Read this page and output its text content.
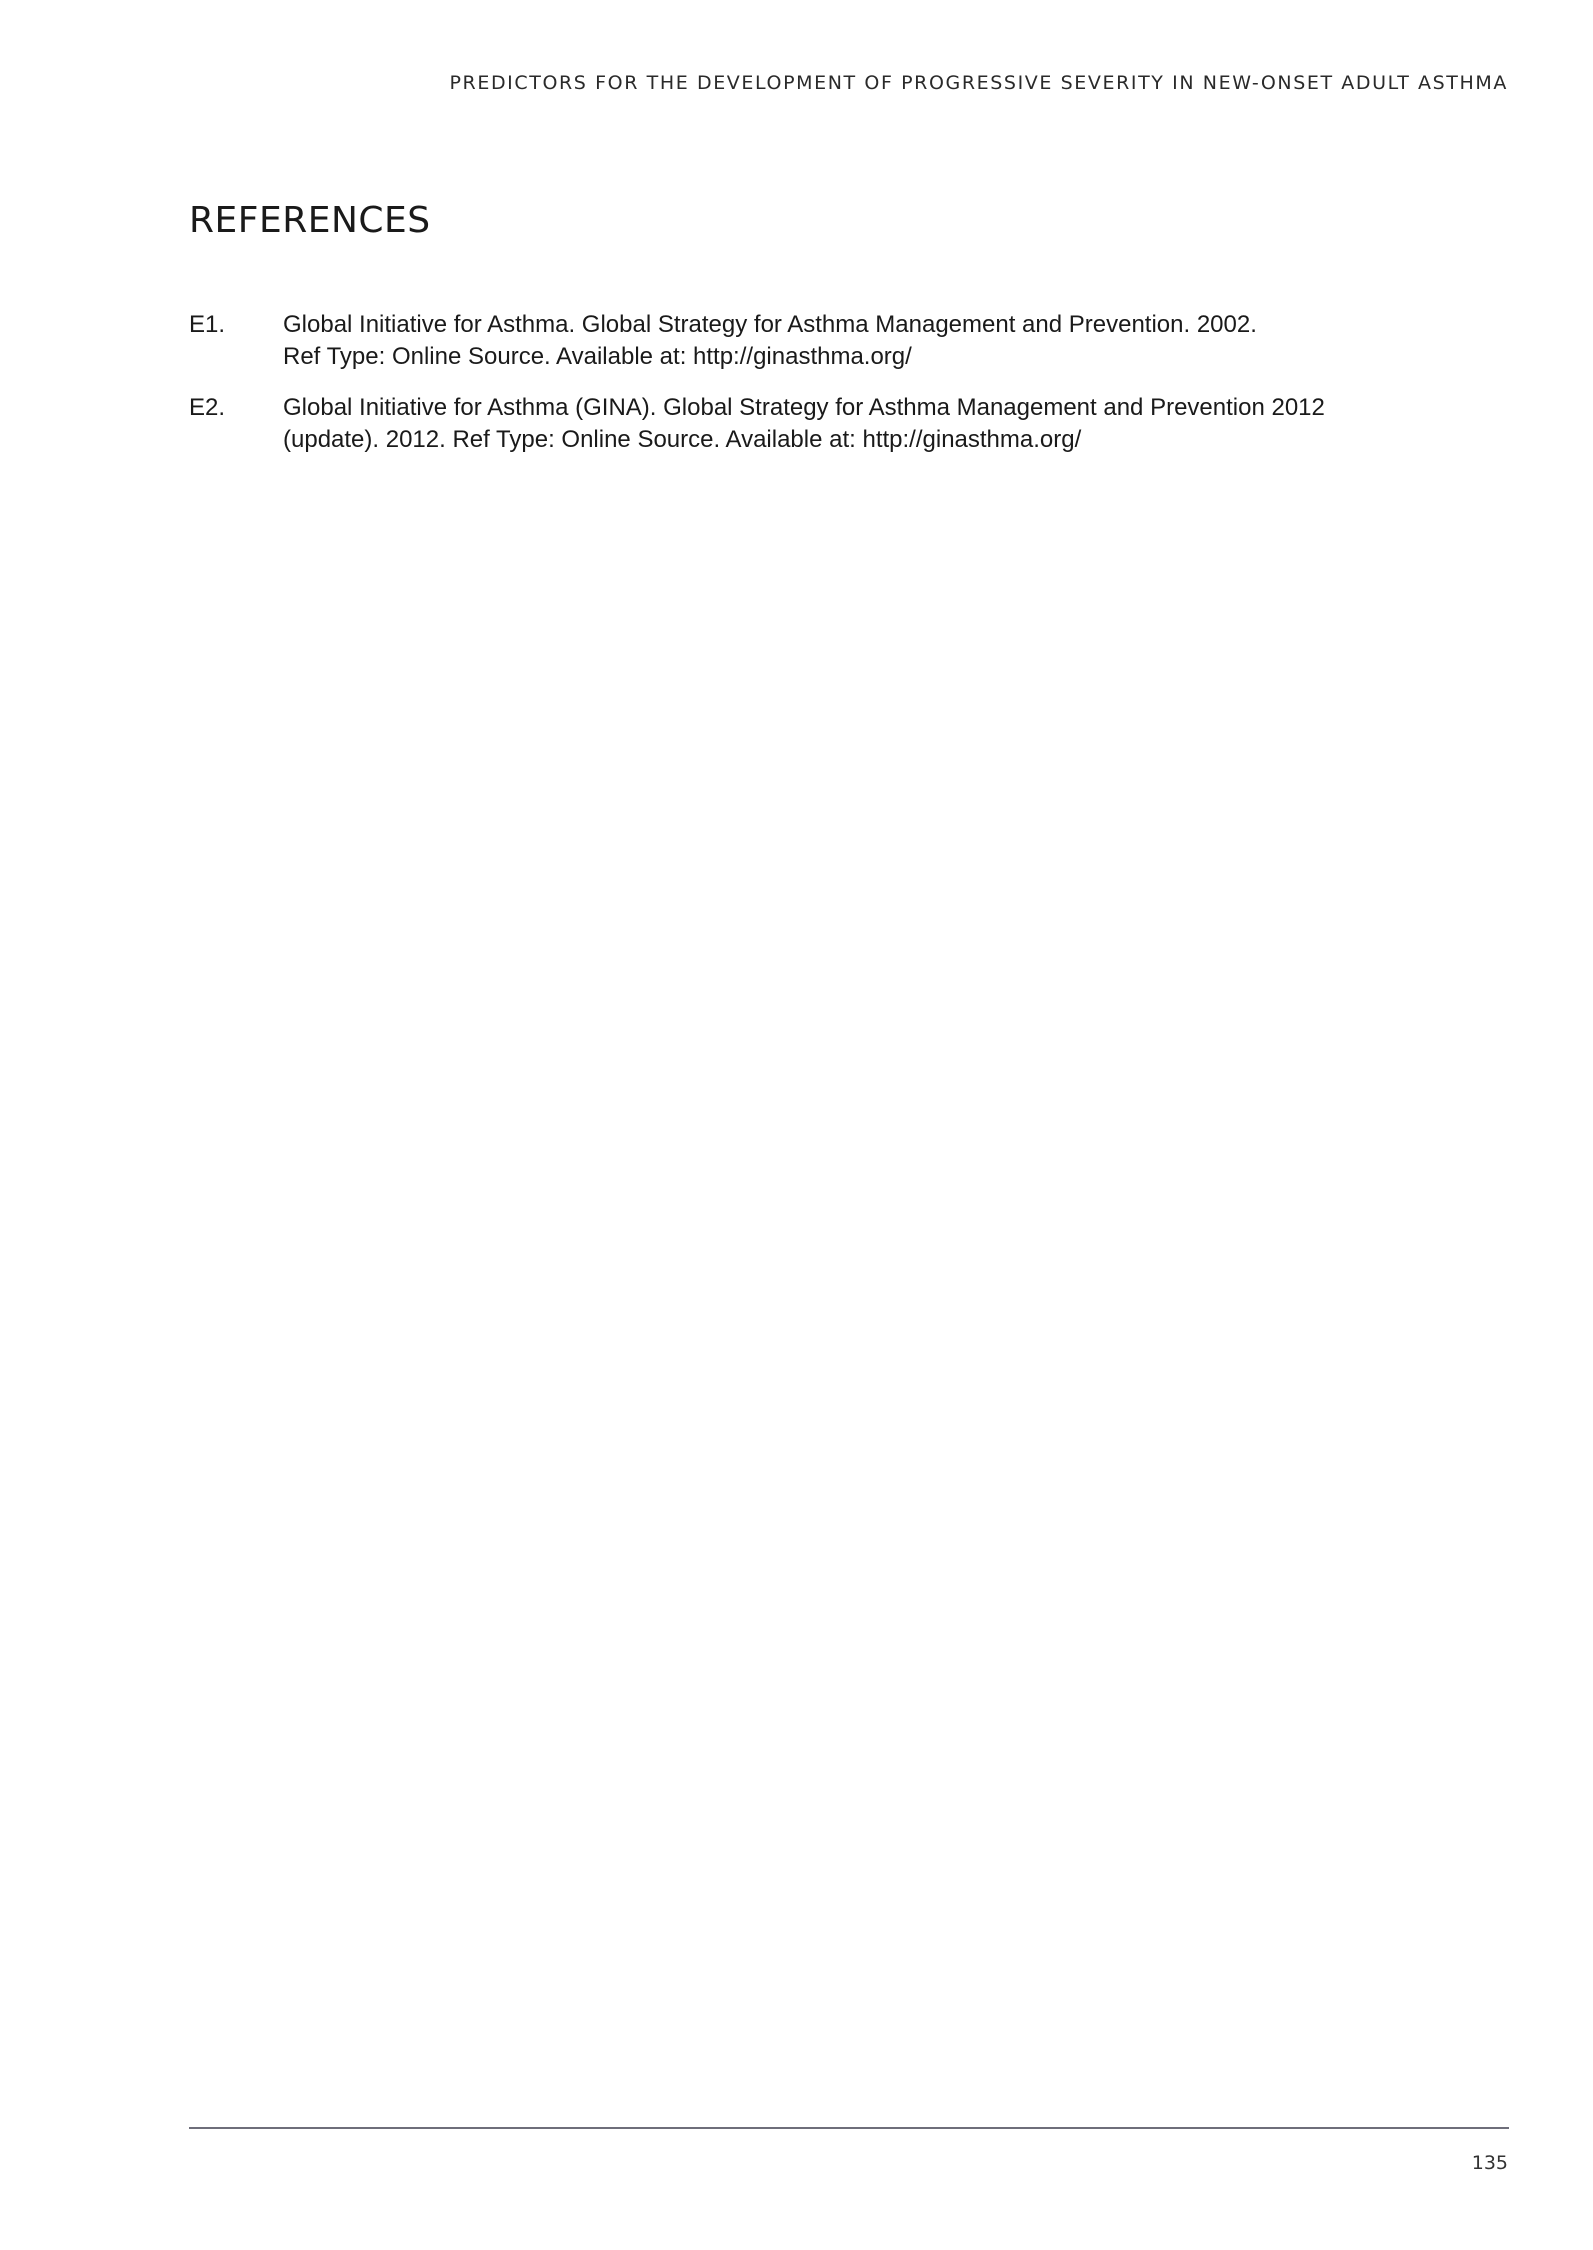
PREDICTORS FOR THE DEVELOPMENT OF PROGRESSIVE SEVERITY IN NEW-ONSET ADULT ASTHMA
REFERENCES
E1.	Global Initiative for Asthma. Global Strategy for Asthma Management and Prevention. 2002.
Ref Type: Online Source. Available at: http://ginasthma.org/
E2.	Global Initiative for Asthma (GINA). Global Strategy for Asthma Management and Prevention 2012
(update). 2012. Ref Type: Online Source. Available at: http://ginasthma.org/
135
